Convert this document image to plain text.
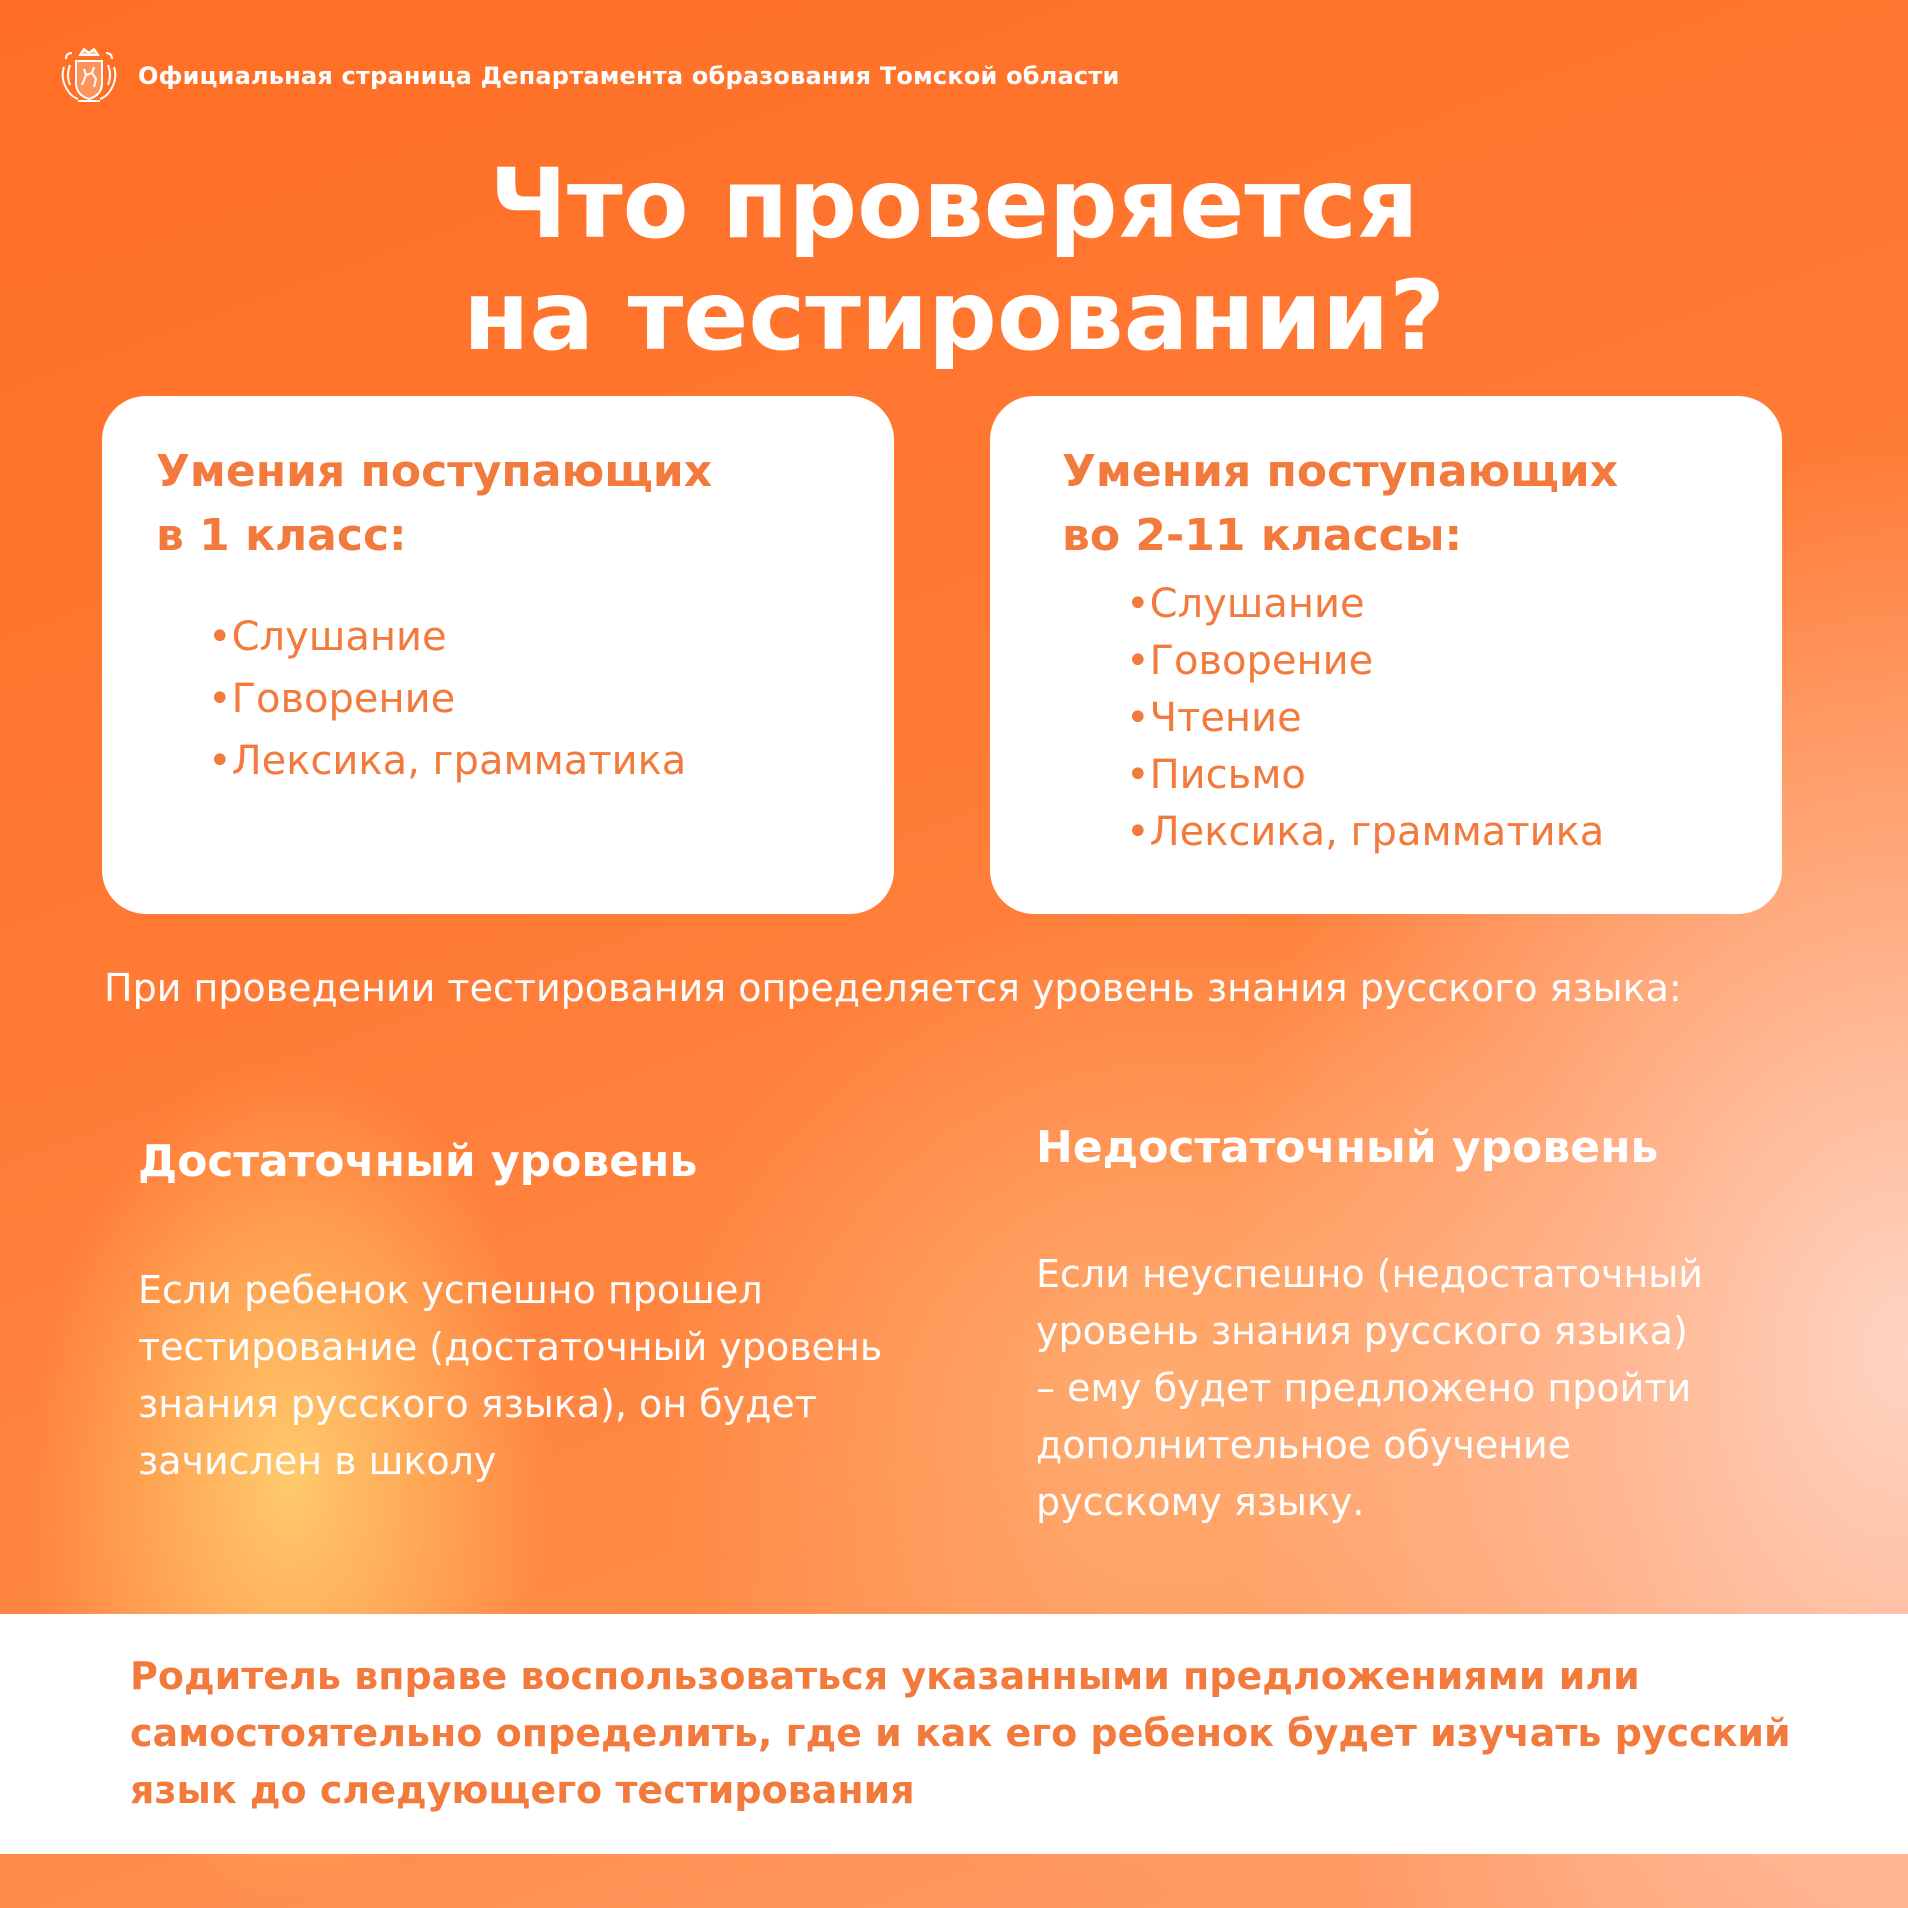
Официальная страница Департамента образования Томской области
Что проверяется
на тестировании?
Умения поступающих
в 1 класс:
•Слушание
•Говорение
•Лексика, грамматика
Умения поступающих
во 2-11 классы:
•Слушание
•Говорение
•Чтение
•Письмо
•Лексика, грамматика
При проведении тестирования определяется уровень знания русского языка:
Достаточный уровень

Если ребенок успешно прошел
тестирование (достаточный уровень
знания русского языка), он будет
зачислен в школу

Недостаточный уровень

Если неуспешно (недостаточный
уровень знания русского языка)
– ему будет предложено пройти
дополнительное обучение
русскому языку.

Родитель вправе воспользоваться указанными предложениями или
самостоятельно определить, где и как его ребенок будет изучать русский
язык до следующего тестирования
